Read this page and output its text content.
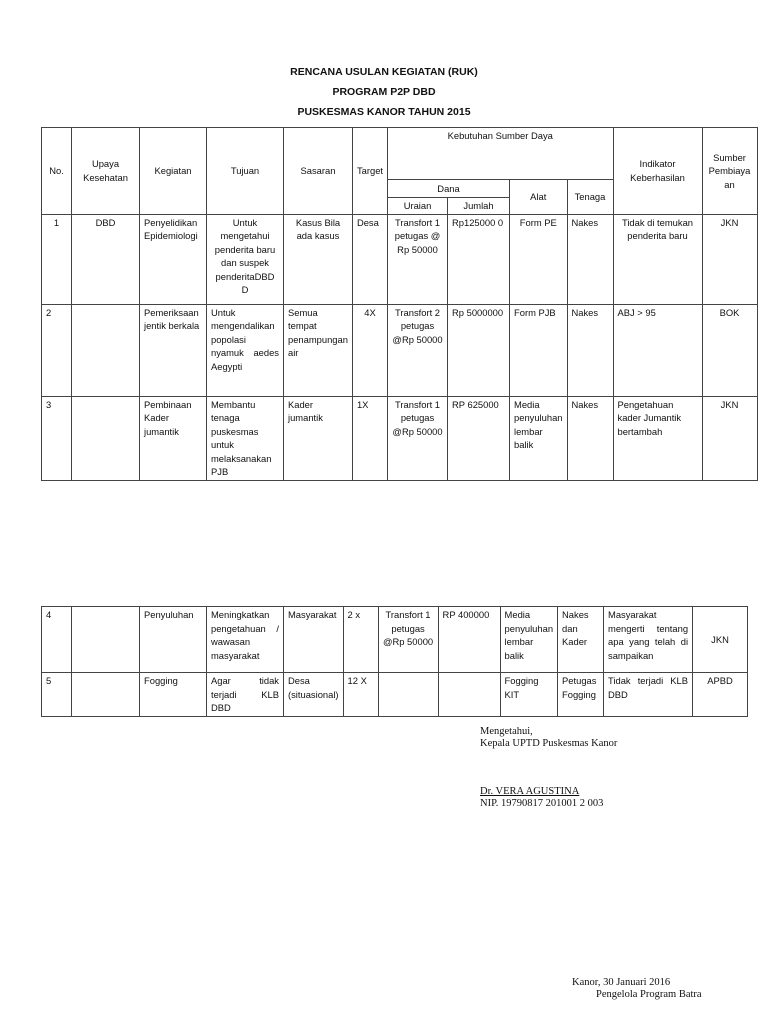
RENCANA USULAN KEGIATAN (RUK)
PROGRAM P2P DBD
PUSKESMAS KANOR TAHUN 2015
No.	Upaya Kesehatan	Kegiatan	Tujuan	Sasaran	Target	Kebutuhan Sumber Daya				Indikator Keberhasilan	Sumber Pembiaya an
						Dana		Alat	Tenaga		
						Uraian	Jumlah				
1	DBD	Penyelidikan Epidemiologi	Untuk mengetahui penderita baru dan suspek penderitaDBD D	Kasus Bila ada kasus	Desa	Transfort 1 petugas @ Rp 50000	Rp125000 0	Form PE	Nakes	Tidak di temukan penderita baru	JKN
2		Pemeriksaan jentik berkala	Untuk mengendalikan popolasi nyamuk aedes Aegypti	Semua tempat penampungan air	4X	Transfort 2 petugas @Rp 50000	Rp 5000000	Form PJB	Nakes	ABJ > 95	BOK
3		Pembinaan Kader jumantik	Membantu tenaga puskesmas untuk melaksanakan PJB	Kader jumantik	1X	Transfort 1 petugas @Rp 50000	RP 625000	Media penyuluhan lembar balik	Nakes	Pengetahuan kader Jumantik bertambah	JKN
4		Penyuluhan	Meningkatkan pengetahuan / wawasan masyarakat	Masyarakat	2 x	Transfort 1 petugas @Rp 50000	RP 400000	Media penyuluhan lembar balik	Nakes dan Kader	Masyarakat mengerti tentang apa yang telah di sampaikan	JKN
5		Fogging	Agar tidak terjadi KLB DBD	Desa (situasional)	12 X			Fogging KIT	Petugas Fogging	Tidak terjadi KLB DBD	APBD
Mengetahui,
Kepala UPTD Puskesmas Kanor
Dr. VERA AGUSTINA
NIP. 19790817 201001 2 003
Kanor, 30 Januari 2016
Pengelola Program Batra
